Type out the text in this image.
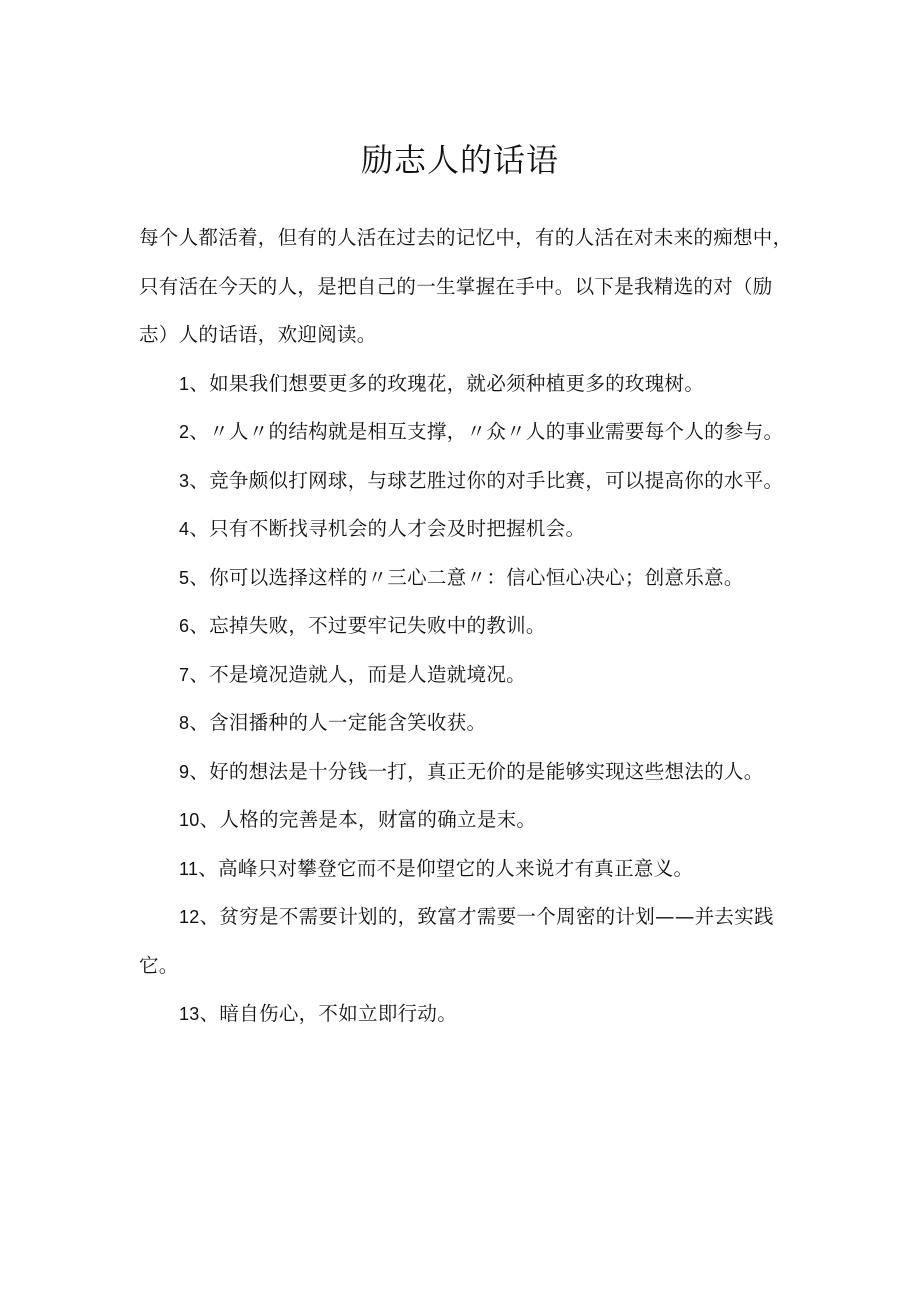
励志人的话语

每个人都活着，但有的人活在过去的记忆中，有的人活在对未来的痴想中，只有活在今天的人，是把自己的一生掌握在手中。以下是我精选的对（励志）人的话语，欢迎阅读。

1、如果我们想要更多的玫瑰花，就必须种植更多的玫瑰树。

2、〃人〃的结构就是相互支撑，〃众〃人的事业需要每个人的参与。

3、竞争颇似打网球，与球艺胜过你的对手比赛，可以提高你的水平。

4、只有不断找寻机会的人才会及时把握机会。

5、你可以选择这样的〃三心二意〃：信心恒心决心；创意乐意。

6、忘掉失败，不过要牢记失败中的教训。

7、不是境况造就人，而是人造就境况。

8、含泪播种的人一定能含笑收获。

9、好的想法是十分钱一打，真正无价的是能够实现这些想法的人。

10、人格的完善是本，财富的确立是末。

11、高峰只对攀登它而不是仰望它的人来说才有真正意义。

12、贫穷是不需要计划的，致富才需要一个周密的计划——并去实践它。

13、暗自伤心，不如立即行动。
